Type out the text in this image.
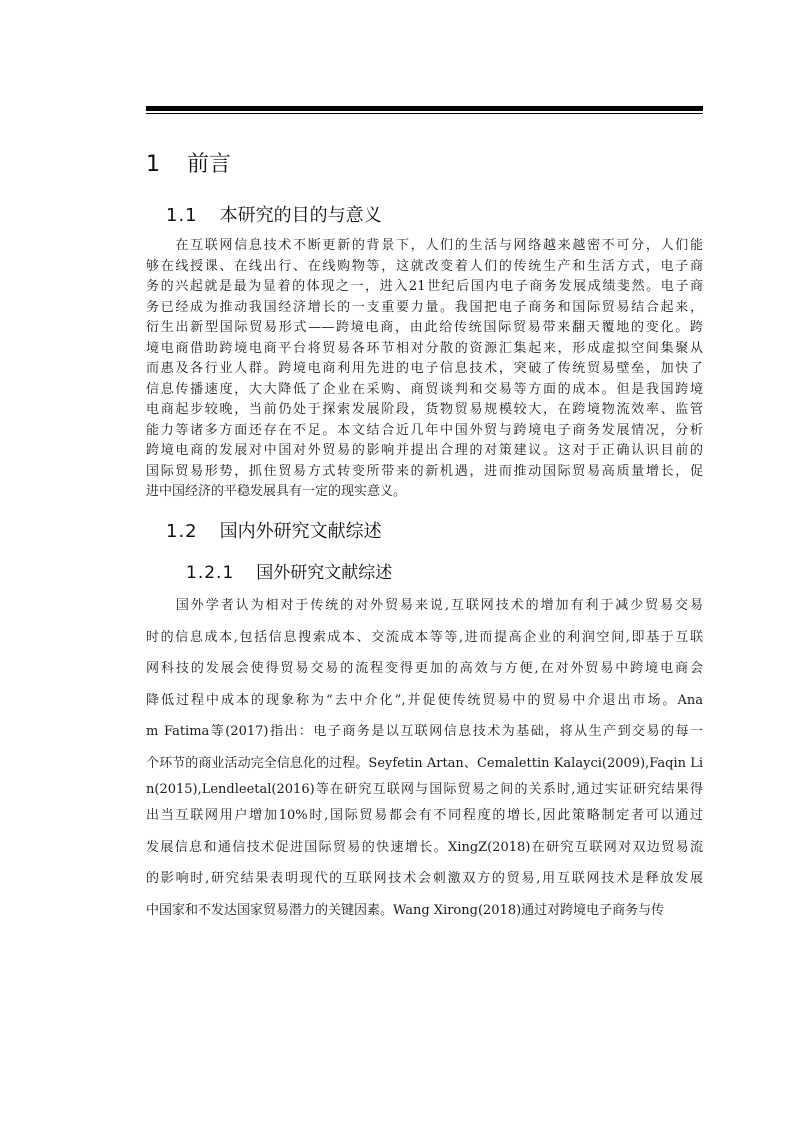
1 前言
1.1 本研究的目的与意义
　　在互联网信息技术不断更新的背景下，人们的生活与网络越来越密不可分，人们能
够在线授课、在线出行、在线购物等，这就改变着人们的传统生产和生活方式，电子商
务的兴起就是最为显着的体现之一，进入21世纪后国内电子商务发展成绩斐然。电子商
务已经成为推动我国经济增长的一支重要力量。我国把电子商务和国际贸易结合起来，
衍生出新型国际贸易形式——跨境电商，由此给传统国际贸易带来翻天覆地的变化。跨
境电商借助跨境电商平台将贸易各环节相对分散的资源汇集起来，形成虚拟空间集聚从
而惠及各行业人群。跨境电商利用先进的电子信息技术，突破了传统贸易壁垒，加快了
信息传播速度，大大降低了企业在采购、商贸谈判和交易等方面的成本。但是我国跨境
电商起步较晚，当前仍处于探索发展阶段，货物贸易规模较大，在跨境物流效率、监管
能力等诸多方面还存在不足。本文结合近几年中国外贸与跨境电子商务发展情况，分析
跨境电商的发展对中国对外贸易的影响并提出合理的对策建议。这对于正确认识目前的
国际贸易形势，抓住贸易方式转变所带来的新机遇，进而推动国际贸易高质量增长，促
进中国经济的平稳发展具有一定的现实意义。
1.2 国内外研究文献综述
1.2.1 国外研究文献综述
　　国外学者认为相对于传统的对外贸易来说,互联网技术的增加有利于减少贸易交易
时的信息成本,包括信息搜索成本、交流成本等等,进而提高企业的利润空间,即基于互联
网科技的发展会使得贸易交易的流程变得更加的高效与方便,在对外贸易中跨境电商会
降低过程中成本的现象称为“去中介化”,并促使传统贸易中的贸易中介退出市场。Ana
m Fatima等(2017)指出：电子商务是以互联网信息技术为基础，将从生产到交易的每一
个环节的商业活动完全信息化的过程。Seyfetin Artan、Cemalettin Kalayci(2009),Faqin Li
n(2015),Lendleetal(2016)等在研究互联网与国际贸易之间的关系时,通过实证研究结果得
出当互联网用户增加10%时,国际贸易都会有不同程度的增长,因此策略制定者可以通过
发展信息和通信技术促进国际贸易的快速增长。XingZ(2018)在研究互联网对双边贸易流
的影响时,研究结果表明现代的互联网技术会刺激双方的贸易,用互联网技术是释放发展
中国家和不发达国家贸易潜力的关键因素。Wang Xirong(2018)通过对跨境电子商务与传
